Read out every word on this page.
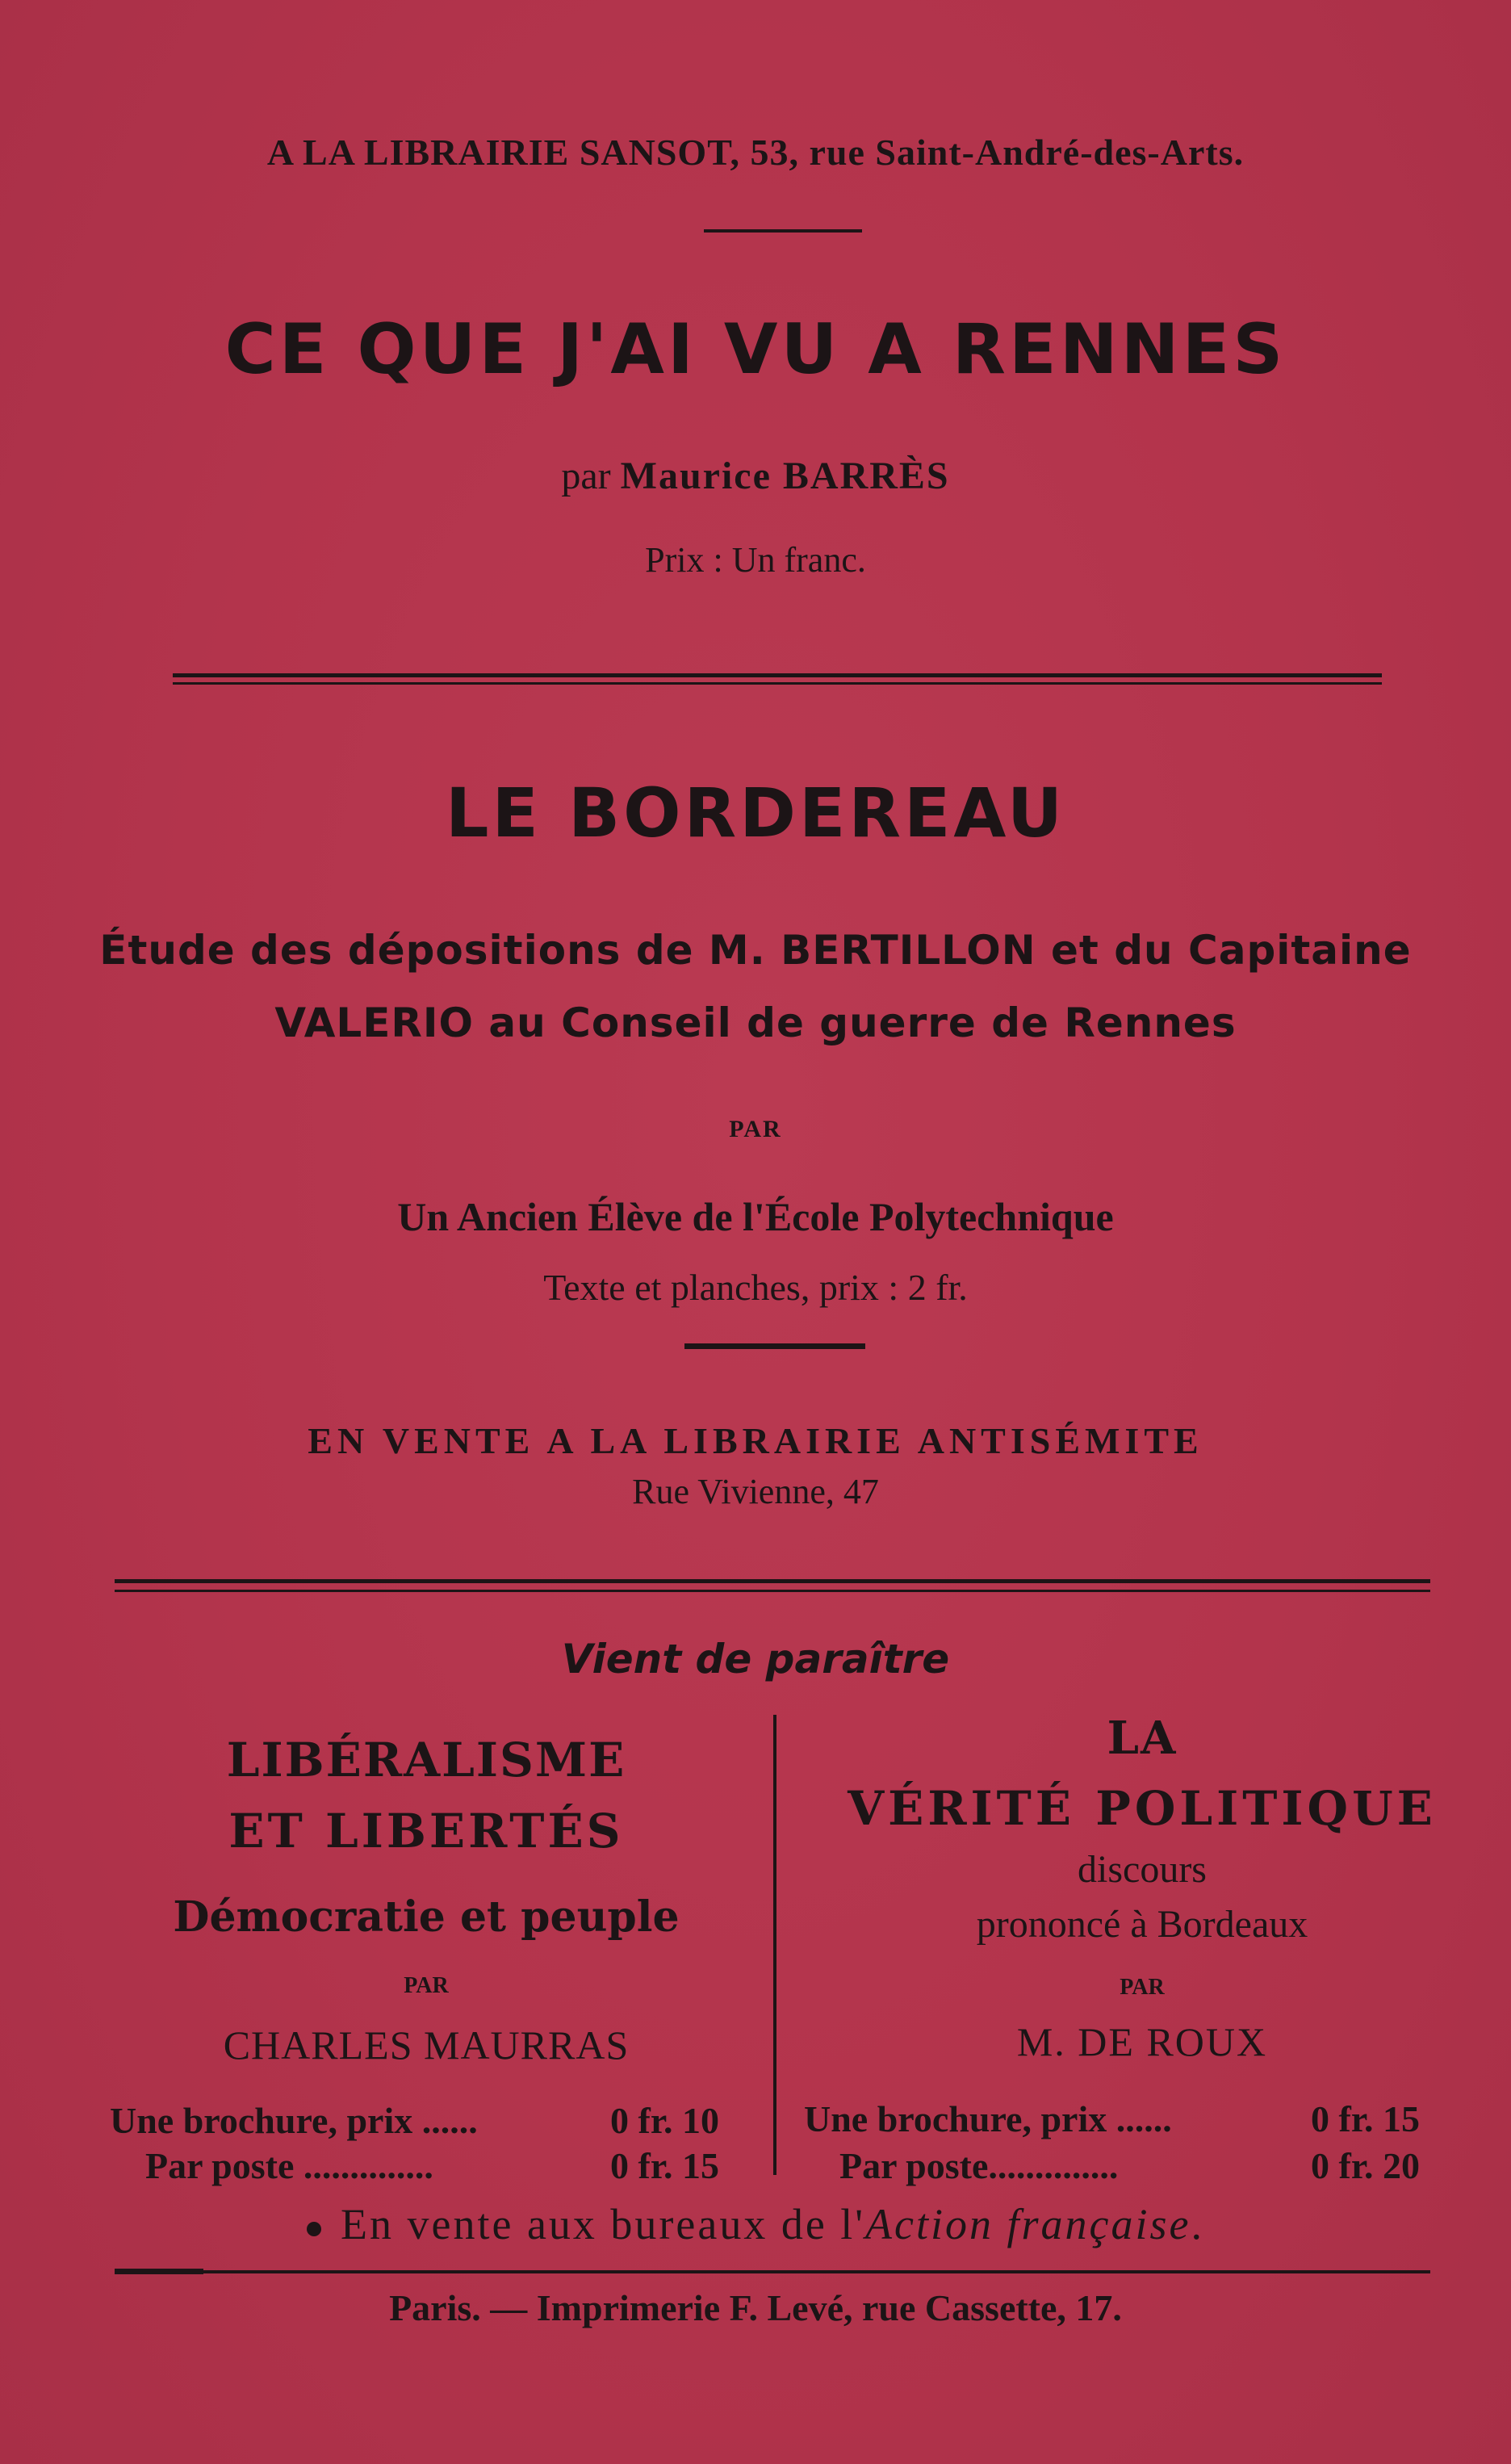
A LA LIBRAIRIE SANSOT, 53, rue Saint-André-des-Arts.
CE QUE J'AI VU A RENNES
par Maurice BARRÈS
Prix : Un franc.
LE BORDEREAU
Étude des dépositions de M. BERTILLON et du Capitaine
VALERIO au Conseil de guerre de Rennes
PAR
Un Ancien Élève de l'École Polytechnique
Texte et planches, prix : 2 fr.
EN VENTE A LA LIBRAIRIE ANTISÉMITE
Rue Vivienne, 47
Vient de paraître
LIBÉRALISME
ET LIBERTÉS
Démocratie et peuple
PAR
CHARLES MAURRAS
Une brochure, prix ......	0 fr. 10
Par poste ..............	0 fr. 15
LA
VÉRITÉ POLITIQUE
discours
prononcé à Bordeaux
PAR
M. DE ROUX
Une brochure, prix ......	0 fr. 15
Par poste..............	0 fr. 20
En vente aux bureaux de l'Action française.
Paris. — Imprimerie F. Levé, rue Cassette, 17.
